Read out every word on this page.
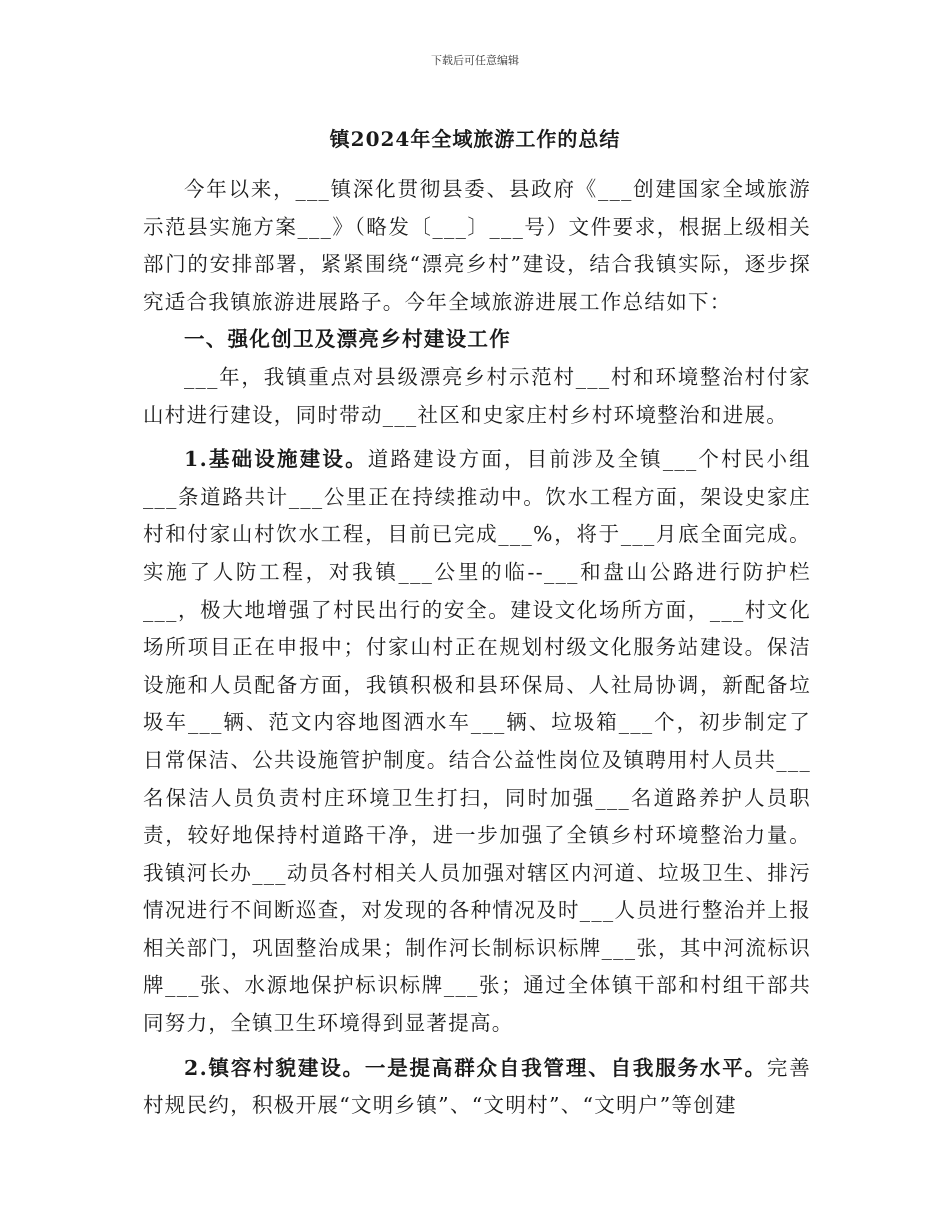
下载后可任意编辑
镇2024年全域旅游工作的总结

今年以来，___镇深化贯彻县委、县政府《___创建国家全域旅游示范县实施方案___》（略发〔___〕___号）文件要求，根据上级相关部门的安排部署，紧紧围绕“漂亮乡村”建设，结合我镇实际，逐步探究适合我镇旅游进展路子。今年全域旅游进展工作总结如下：

一、强化创卫及漂亮乡村建设工作

___年，我镇重点对县级漂亮乡村示范村___村和环境整治村付家山村进行建设，同时带动___社区和史家庄村乡村环境整治和进展。

1.基础设施建设。道路建设方面，目前涉及全镇___个村民小组___条道路共计___公里正在持续推动中。饮水工程方面，架设史家庄村和付家山村饮水工程，目前已完成___%，将于___月底全面完成。实施了人防工程，对我镇___公里的临--___和盘山公路进行防护栏___，极大地增强了村民出行的安全。建设文化场所方面，___村文化场所项目正在申报中；付家山村正在规划村级文化服务站建设。保洁设施和人员配备方面，我镇积极和县环保局、人社局协调，新配备垃圾车___辆、范文内容地图洒水车___辆、垃圾箱___个，初步制定了日常保洁、公共设施管护制度。结合公益性岗位及镇聘用村人员共___名保洁人员负责村庄环境卫生打扫，同时加强___名道路养护人员职责，较好地保持村道路干净，进一步加强了全镇乡村环境整治力量。我镇河长办___动员各村相关人员加强对辖区内河道、垃圾卫生、排污情况进行不间断巡查，对发现的各种情况及时___人员进行整治并上报相关部门，巩固整治成果；制作河长制标识标牌___张，其中河流标识牌___张、水源地保护标识标牌___张；通过全体镇干部和村组干部共同努力，全镇卫生环境得到显著提高。

2.镇容村貌建设。一是提高群众自我管理、自我服务水平。完善村规民约，积极开展“文明乡镇”、“文明村”、“文明户”等创建
